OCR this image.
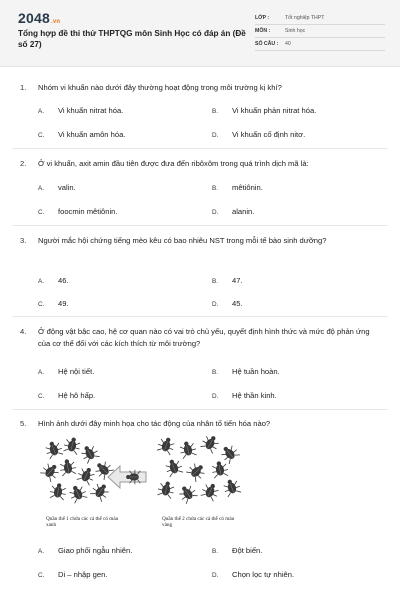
2048.vn
Tổng hợp đề thi thử THPTQG môn Sinh Học có đáp án (Đề số 27)
LỚP :	Tốt nghiệp THPT
MÔN :	Sinh học
SỐ CÂU :	40
1.	Nhóm vi khuẩn nào dưới đây thường hoạt động trong môi trường kị khí?
A.	Vi khuẩn nitrat hóa.	B.	Vi khuẩn phản nitrat hóa.
C.	Vi khuẩn amôn hóa.	D.	Vi khuẩn cố định nitơ.
2.	Ở vi khuẩn, axit amin đầu tiên được đưa đến ribôxôm trong quá trình dịch mã là:
A.	valin.	B.	mêtiônin.
C.	foocmin mêtiônin.	D.	alanin.
3.	Người mắc hội chứng tiếng mèo kêu có bao nhiêu NST trong mỗi tế bào sinh dưỡng?
A.	46.	B.	47.
C.	49.	D.	45.
4.	Ở động vật bậc cao, hệ cơ quan nào có vai trò chủ yếu, quyết định hình thức và mức độ phản ứng của cơ thể đối với các kích thích từ môi trường?
A.	Hệ nội tiết.	B.	Hệ tuần hoàn.
C.	Hệ hô hấp.	D.	Hệ thần kinh.
5.	Hình ảnh dưới đây minh họa cho tác động của nhân tố tiến hóa nào?
Quần thể 1 chứa các cá thể có màu xanh
Quần thể 2 chứa các cá thể có màu vàng
A.	Giao phối ngẫu nhiên.	B.	Đột biến.
C.	Di – nhập gen.	D.	Chọn lọc tự nhiên.
